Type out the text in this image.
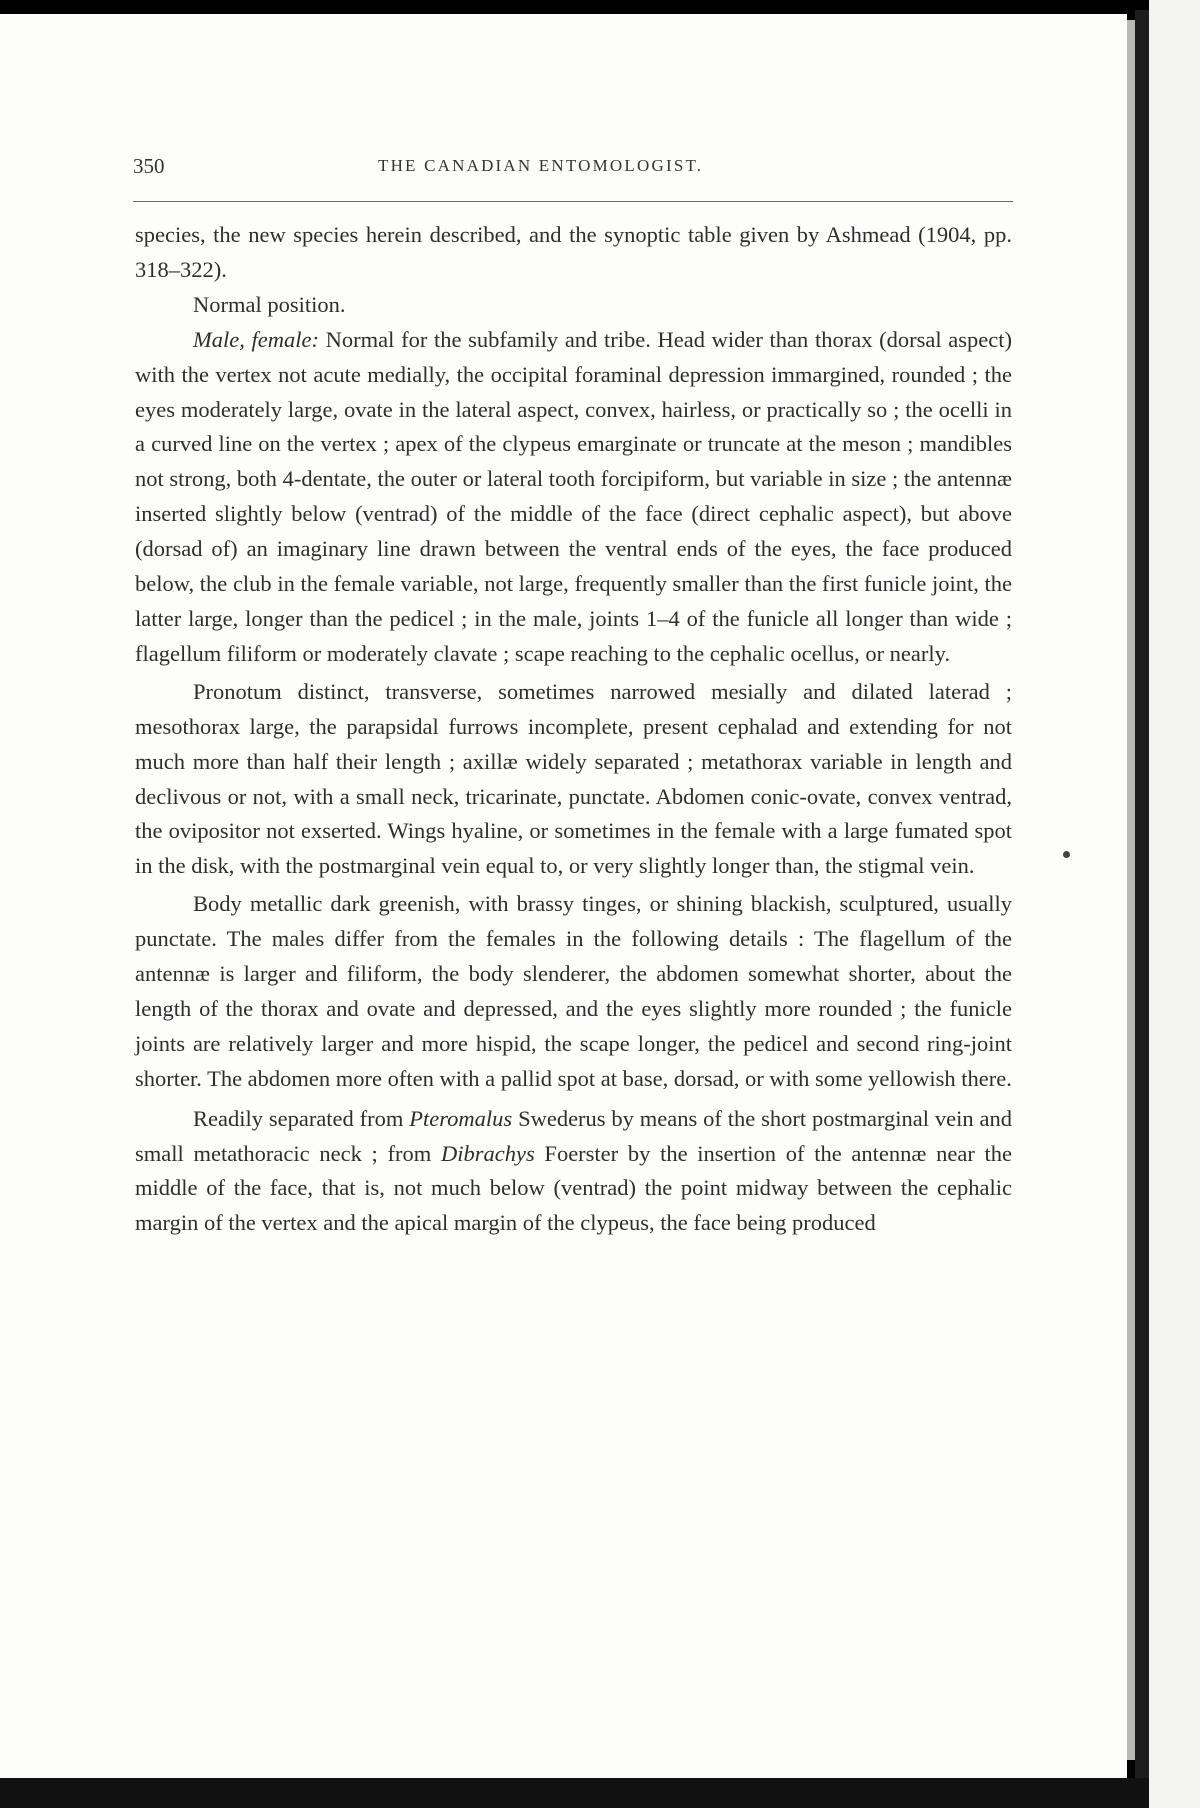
350	THE CANADIAN ENTOMOLOGIST.

species, the new species herein described, and the synoptic table given by Ashmead (1904, pp. 318–322).

Normal position.

Male, female: Normal for the subfamily and tribe. Head wider than thorax (dorsal aspect) with the vertex not acute medially, the occipital foraminal depression immargined, rounded ; the eyes moderately large, ovate in the lateral aspect, convex, hairless, or practically so ; the ocelli in a curved line on the vertex ; apex of the clypeus emarginate or truncate at the meson ; mandibles not strong, both 4-dentate, the outer or lateral tooth forcipiform, but variable in size ; the antennæ inserted slightly below (ventrad) of the middle of the face (direct cephalic aspect), but above (dorsad of) an imaginary line drawn between the ventral ends of the eyes, the face produced below, the club in the female variable, not large, frequently smaller than the first funicle joint, the latter large, longer than the pedicel ; in the male, joints 1–4 of the funicle all longer than wide ; flagellum filiform or moderately clavate ; scape reaching to the cephalic ocellus, or nearly.

Pronotum distinct, transverse, sometimes narrowed mesially and dilated laterad ; mesothorax large, the parapsidal furrows incomplete, present cephalad and extending for not much more than half their length ; axillæ widely separated ; metathorax variable in length and declivous or not, with a small neck, tricarinate, punctate. Abdomen conic-ovate, convex ventrad, the ovipositor not exserted. Wings hyaline, or sometimes in the female with a large fumated spot in the disk, with the postmarginal vein equal to, or very slightly longer than, the stigmal vein.

Body metallic dark greenish, with brassy tinges, or shining blackish, sculptured, usually punctate. The males differ from the females in the following details : The flagellum of the antennæ is larger and filiform, the body slenderer, the abdomen somewhat shorter, about the length of the thorax and ovate and depressed, and the eyes slightly more rounded ; the funicle joints are relatively larger and more hispid, the scape longer, the pedicel and second ring-joint shorter. The abdomen more often with a pallid spot at base, dorsad, or with some yellowish there.

Readily separated from Pteromalus Swederus by means of the short postmarginal vein and small metathoracic neck ; from Dibrachys Foerster by the insertion of the antennæ near the middle of the face, that is, not much below (ventrad) the point midway between the cephalic margin of the vertex and the apical margin of the clypeus, the face being produced
